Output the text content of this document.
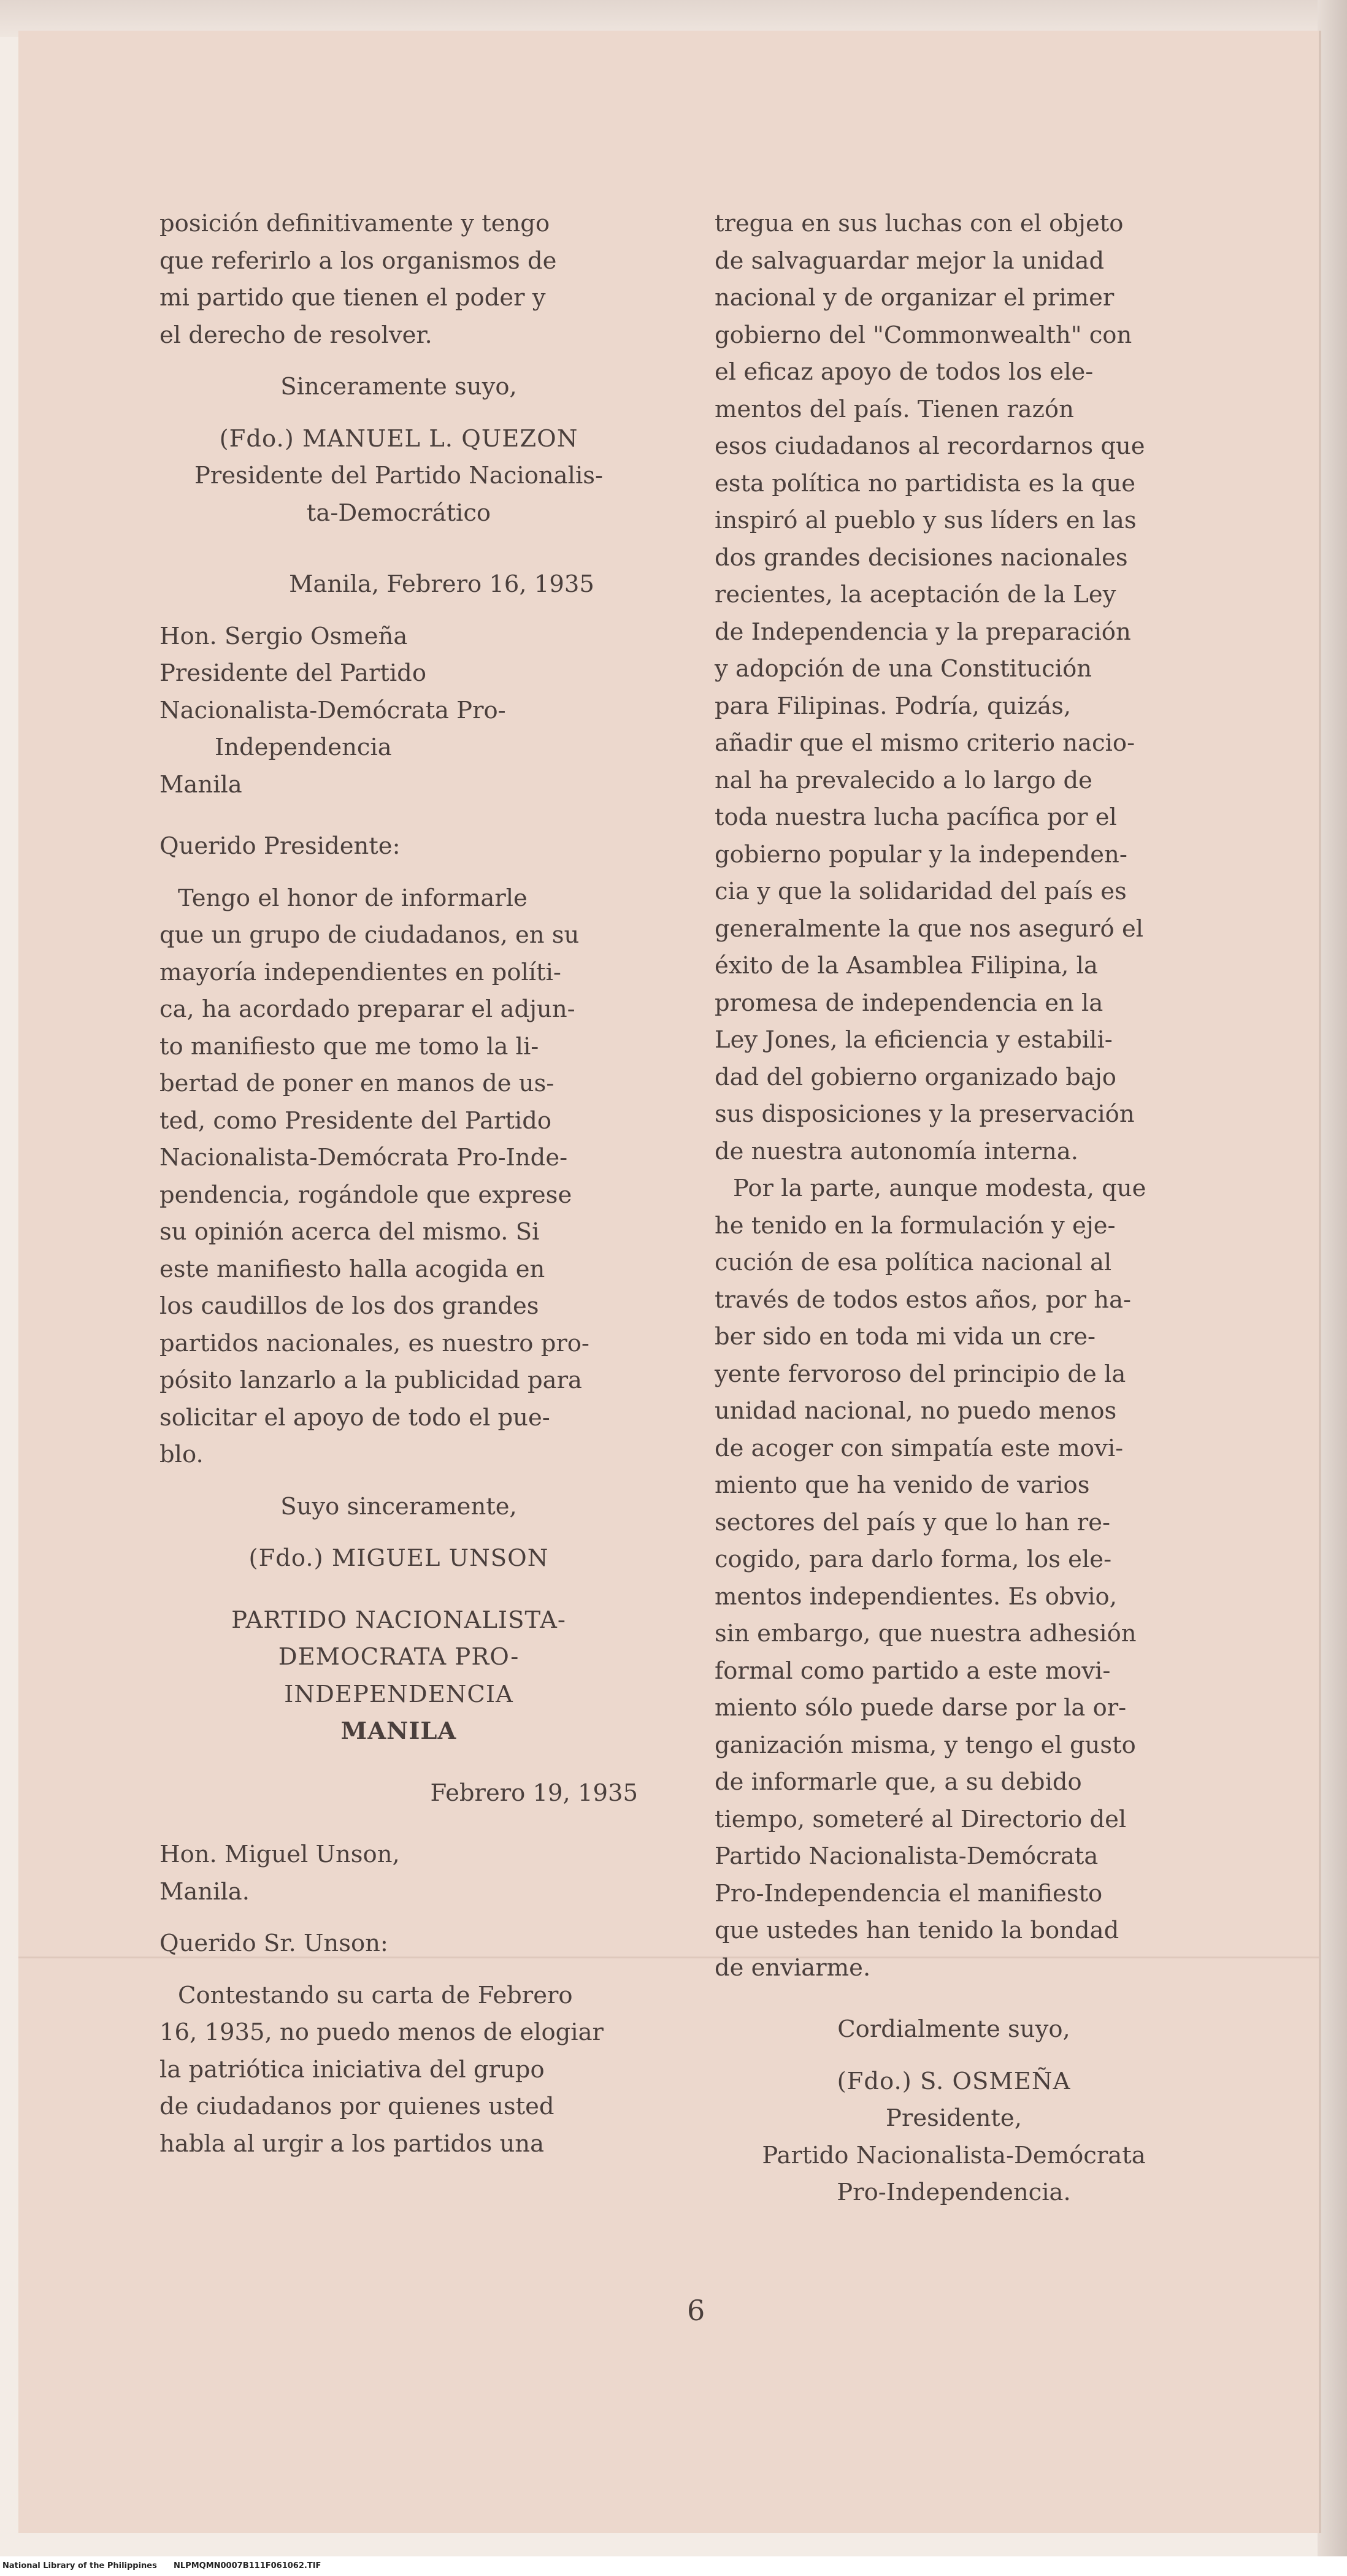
posición definitivamente y tengo

que referirlo a los organismos de

mi partido que tienen el poder y

el derecho de resolver.

Sinceramente suyo,

(Fdo.) MANUEL L. QUEZON

Presidente del Partido Nacionalis-

ta-Democrático

Manila, Febrero 16, 1935

Hon. Sergio Osmeña

Presidente del Partido

Nacionalista-Demócrata Pro-

Independencia

Manila

Querido Presidente:

Tengo el honor de informarle

que un grupo de ciudadanos, en su

mayoría independientes en políti-

ca, ha acordado preparar el adjun-

to manifiesto que me tomo la li-

bertad de poner en manos de us-

ted, como Presidente del Partido

Nacionalista-Demócrata Pro-Inde-

pendencia, rogándole que exprese

su opinión acerca del mismo. Si

este manifiesto halla acogida en

los caudillos de los dos grandes

partidos nacionales, es nuestro pro-

pósito lanzarlo a la publicidad para

solicitar el apoyo de todo el pue-

blo.

Suyo sinceramente,

(Fdo.) MIGUEL UNSON

PARTIDO NACIONALISTA-

DEMOCRATA PRO-

INDEPENDENCIA

MANILA

Febrero 19, 1935

Hon. Miguel Unson,

Manila.

Querido Sr. Unson:

Contestando su carta de Febrero

16, 1935, no puedo menos de elogiar

la patriótica iniciativa del grupo

de ciudadanos por quienes usted

habla al urgir a los partidos una

tregua en sus luchas con el objeto

de salvaguardar mejor la unidad

nacional y de organizar el primer

gobierno del "Commonwealth" con

el eficaz apoyo de todos los ele-

mentos del país. Tienen razón

esos ciudadanos al recordarnos que

esta política no partidista es la que

inspiró al pueblo y sus líders en las

dos grandes decisiones nacionales

recientes, la aceptación de la Ley

de Independencia y la preparación

y adopción de una Constitución

para Filipinas. Podría, quizás,

añadir que el mismo criterio nacio-

nal ha prevalecido a lo largo de

toda nuestra lucha pacífica por el

gobierno popular y la independen-

cia y que la solidaridad del país es

generalmente la que nos aseguró el

éxito de la Asamblea Filipina, la

promesa de independencia en la

Ley Jones, la eficiencia y estabili-

dad del gobierno organizado bajo

sus disposiciones y la preservación

de nuestra autonomía interna.

Por la parte, aunque modesta, que

he tenido en la formulación y eje-

cución de esa política nacional al

través de todos estos años, por ha-

ber sido en toda mi vida un cre-

yente fervoroso del principio de la

unidad nacional, no puedo menos

de acoger con simpatía este movi-

miento que ha venido de varios

sectores del país y que lo han re-

cogido, para darlo forma, los ele-

mentos independientes. Es obvio,

sin embargo, que nuestra adhesión

formal como partido a este movi-

miento sólo puede darse por la or-

ganización misma, y tengo el gusto

de informarle que, a su debido

tiempo, someteré al Directorio del

Partido Nacionalista-Demócrata

Pro-Independencia el manifiesto

que ustedes han tenido la bondad

de enviarme.

Cordialmente suyo,

(Fdo.) S. OSMEÑA

Presidente,

Partido Nacionalista-Demócrata

Pro-Independencia.

6
National Library of the Philippines NLPMQMN0007B111F061062.TIF
